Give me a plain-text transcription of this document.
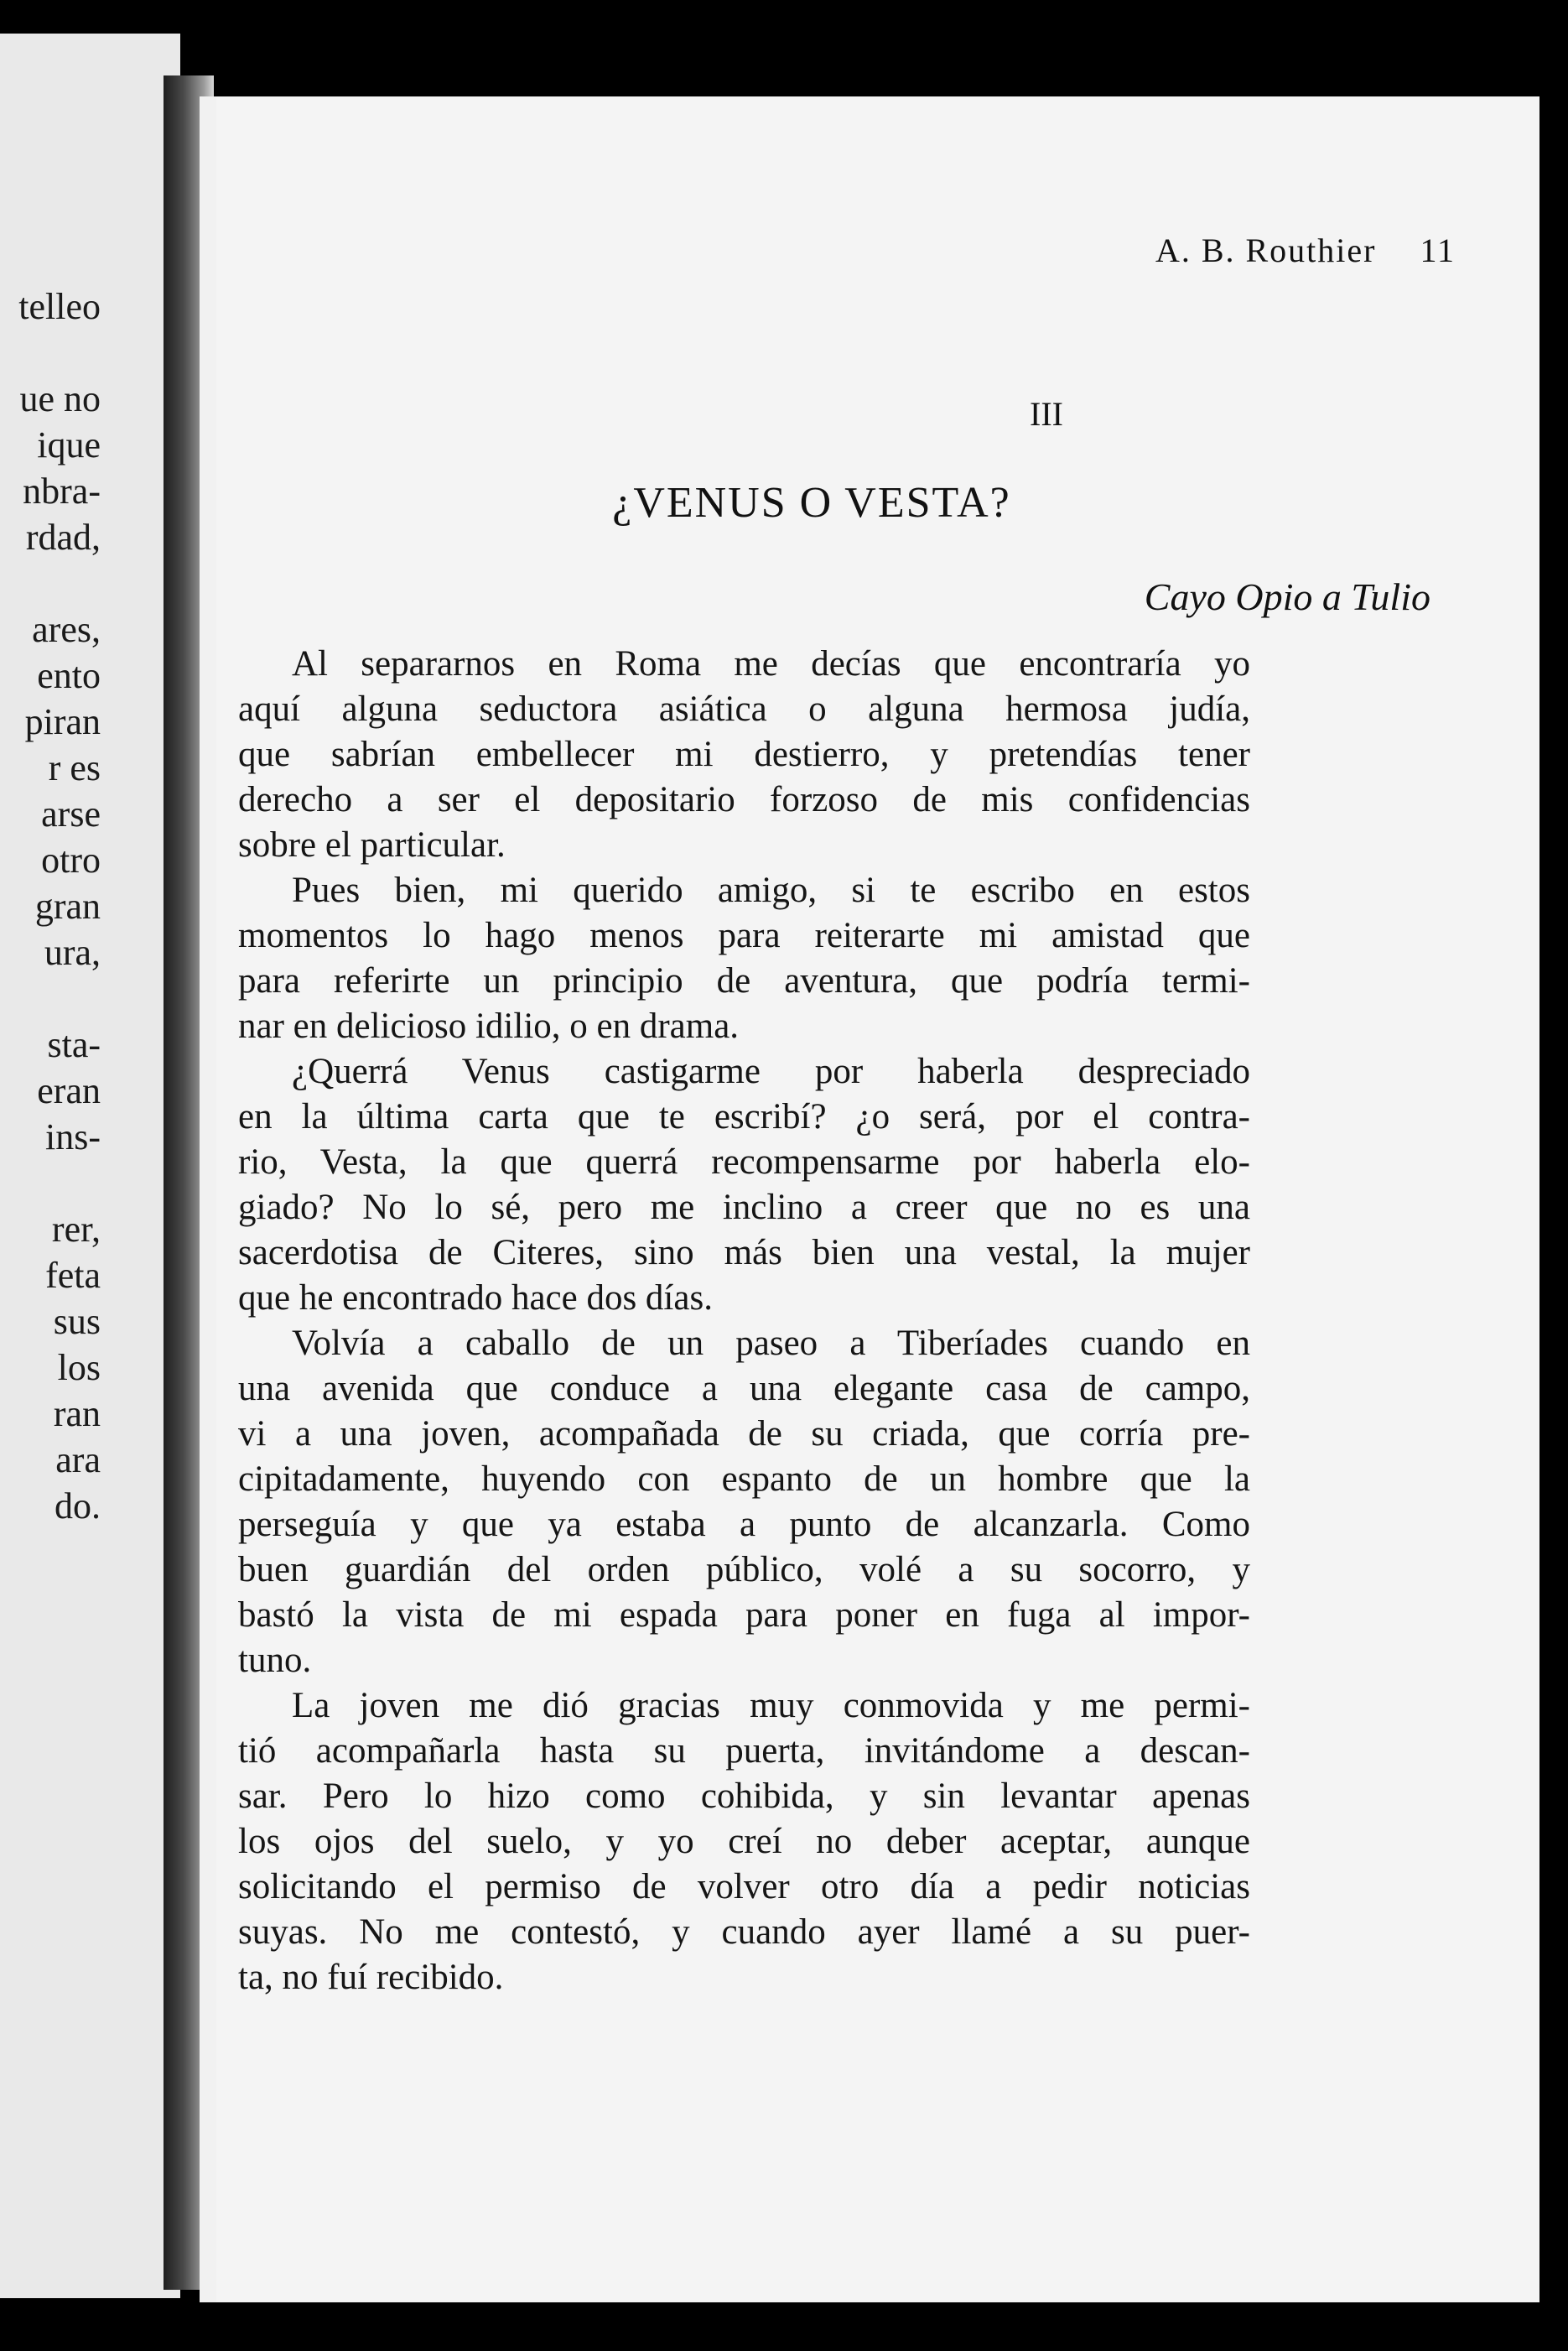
telleo
ue no
ique
nbra-
rdad,
ares,
ento
piran
r es
arse
otro
gran
ura,
sta-
eran
ins-
rer,
feta
sus
los
ran
ara
do.
A. B. Routhier 11
III
¿VENUS O VESTA?
Cayo Opio a Tulio
Al separarnos en Roma me decías que encontraría yo
aquí alguna seductora asiática o alguna hermosa judía,
que sabrían embellecer mi destierro, y pretendías tener
derecho a ser el depositario forzoso de mis confidencias
sobre el particular.
Pues bien, mi querido amigo, si te escribo en estos
momentos lo hago menos para reiterarte mi amistad que
para referirte un principio de aventura, que podría termi-
nar en delicioso idilio, o en drama.
¿Querrá Venus castigarme por haberla despreciado
en la última carta que te escribí? ¿o será, por el contra-
rio, Vesta, la que querrá recompensarme por haberla elo-
giado? No lo sé, pero me inclino a creer que no es una
sacerdotisa de Citeres, sino más bien una vestal, la mujer
que he encontrado hace dos días.
Volvía a caballo de un paseo a Tiberíades cuando en
una avenida que conduce a una elegante casa de campo,
vi a una joven, acompañada de su criada, que corría pre-
cipitadamente, huyendo con espanto de un hombre que la
perseguía y que ya estaba a punto de alcanzarla. Como
buen guardián del orden público, volé a su socorro, y
bastó la vista de mi espada para poner en fuga al impor-
tuno.
La joven me dió gracias muy conmovida y me permi-
tió acompañarla hasta su puerta, invitándome a descan-
sar. Pero lo hizo como cohibida, y sin levantar apenas
los ojos del suelo, y yo creí no deber aceptar, aunque
solicitando el permiso de volver otro día a pedir noticias
suyas. No me contestó, y cuando ayer llamé a su puer-
ta, no fuí recibido.
